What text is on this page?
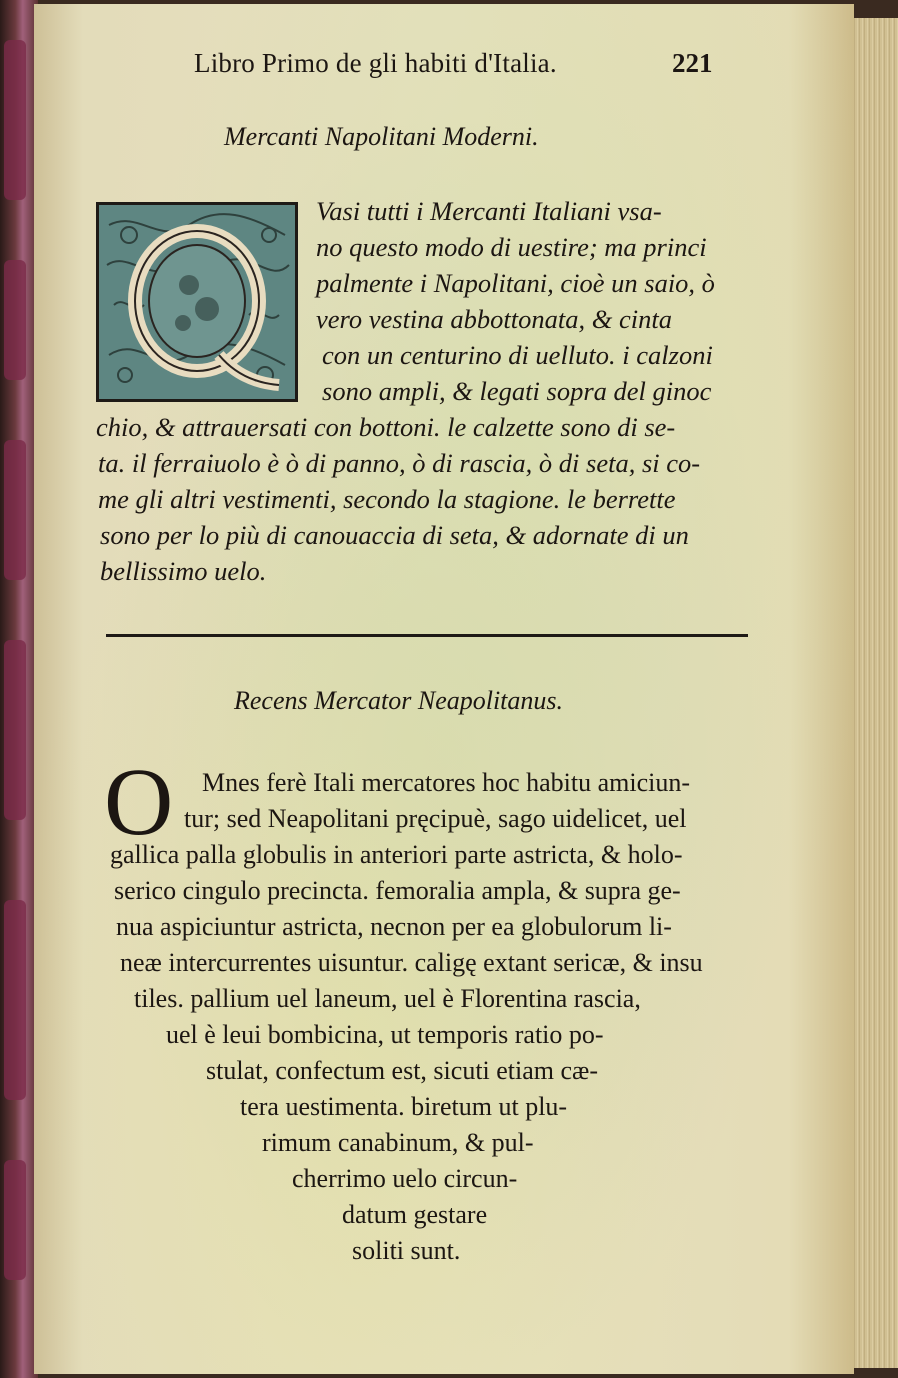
Libro Primo de gli habiti d'Italia.	221
Mercanti Napolitani Moderni.
Vasi tutti i Mercanti Italiani vsa-
no questo modo di uestire; ma princi
palmente i Napolitani, cioè un saio, ò
vero vestina abbottonata, & cinta
con un centurino di uelluto. i calzoni
sono ampli, & legati sopra del ginoc
chio, & attrauersati con bottoni. le calzette sono di se-
ta. il ferraiuolo è ò di panno, ò di rascia, ò di seta, si co-
me gli altri vestimenti, secondo la stagione. le berrette
sono per lo più di canouaccia di seta, & adornate di un
bellissimo uelo.
Recens Mercator Neapolitanus.
O Mnes ferè Itali mercatores hoc habitu amiciun-
tur; sed Neapolitani pręcipuè, sago uidelicet, uel
gallica palla globulis in anteriori parte astricta, & holo-
serico cingulo precincta. femoralia ampla, & supra ge-
nua aspiciuntur astricta, necnon per ea globulorum li-
neæ intercurrentes uisuntur. caligę extant sericæ, & insu
tiles. pallium uel laneum, uel è Florentina rascia,
uel è leui bombicina, ut temporis ratio po-
stulat, confectum est, sicuti etiam cæ-
tera uestimenta. biretum ut plu-
rimum canabinum, & pul-
cherrimo uelo circun-
datum gestare
soliti sunt.
